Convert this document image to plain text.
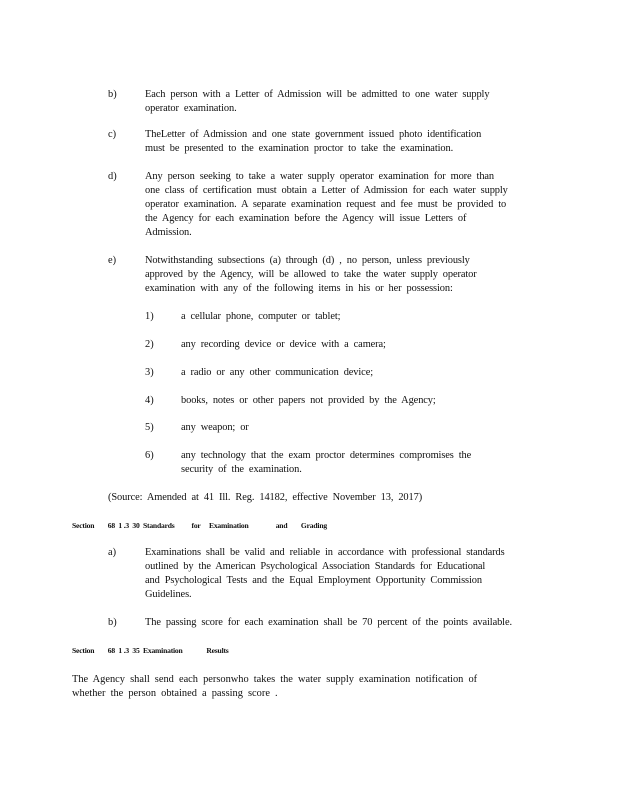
b)	Each person with a Letter of Admission will be admitted to one water supply
operator examination.
c)	TheLetter of Admission and one state government issued photo identification
must be presented to the examination proctor to take the examination.
d)	Any person seeking to take a water supply operator examination for more than
one class of certification must obtain a Letter of Admission for each water supply
operator examination. A separate examination request and fee must be provided to
the Agency for each examination before the Agency will issue Letters of
Admission.
e)	Notwithstanding subsections (a) through (d) , no person, unless previously
approved by the Agency, will be allowed to take the water supply operator
examination with any of the following items in his or her possession:
1)	a cellular phone, computer or tablet;
2)	any recording device or device with a camera;
3)	a radio or any other communication device;
4)	books, notes or other papers not provided by the Agency;
5)	any weapon; or
6)	any technology that the exam proctor determines compromises the
security of the examination.
(Source: Amended at 41 Ill. Reg. 14182, effective November 13, 2017)
Section        68  1 .3  30  Standards          for     Examination                and        Grading
a)	Examinations shall be valid and reliable in accordance with professional standards
outlined by the American Psychological Association Standards for Educational
and Psychological Tests and the Equal Employment Opportunity Commission
Guidelines.
b)	The passing score for each examination shall be 70 percent of the points available.
Section        68  1 .3  35  Examination              Results
The Agency shall send each personwho takes the water supply examination notification of
whether the person obtained a passing score .
